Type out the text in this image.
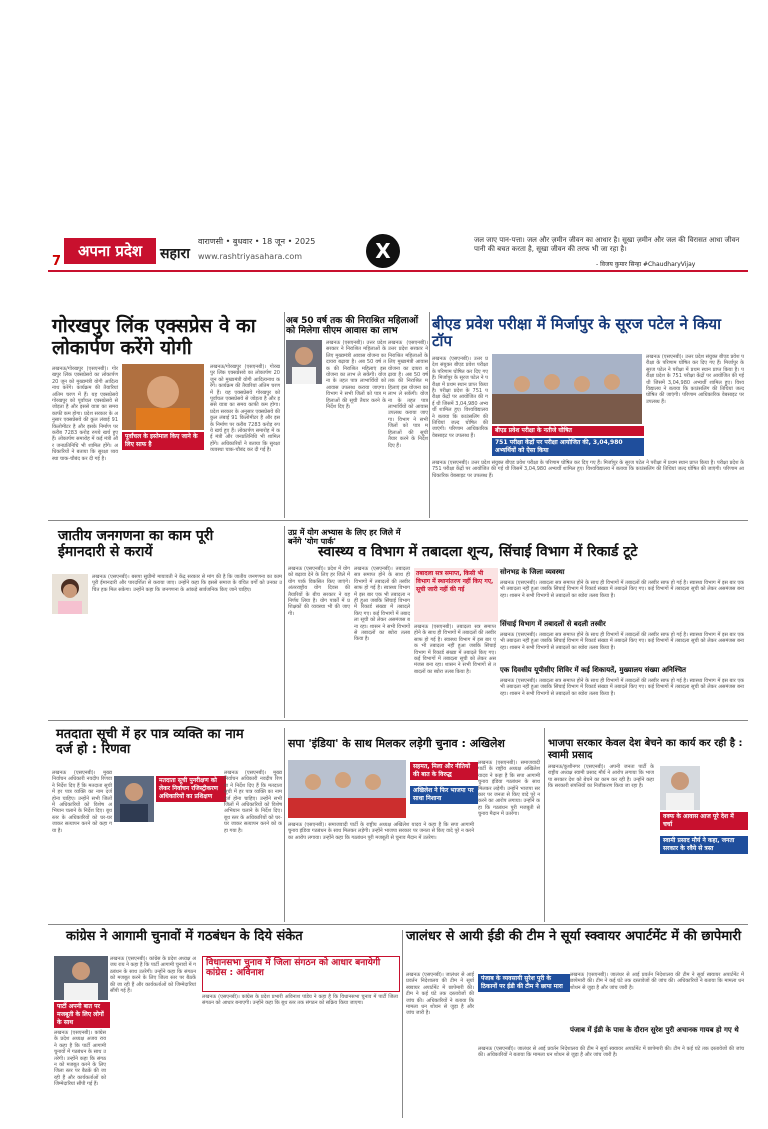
अपना प्रदेश
7	सहारा
वाराणसी • बुधवार • 18 जून • 2025
www.rashtriyasahara.com	X	जल जाए पान-पत्ता। जल और ज़मीन जीवन का आधार है। सूखा ज़मीन और जल की विरासत आधा जीवन पानी की बचत करता है, सूखा जीवन की तरफ भी जा रहा है।
- विजय कुमार सिन्हा #ChaudharyVijay
गोरखपुर लिंक एक्सप्रेस वे का लोकार्पण करेंगे योगी
लखनऊ/गोरखपुर (एसएनबी)। गोरखपुर लिंक एक्सप्रेसवे का लोकार्पण 20 जून को मुख्यमंत्री योगी आदित्यनाथ करेंगे। कार्यक्रम की तैयारियां अंतिम चरण में हैं। यह एक्सप्रेसवे गोरखपुर को पूर्वांचल एक्सप्रेसवे से जोड़ता है और इससे यात्रा का समय काफी कम होगा। प्रदेश सरकार के अनुसार एक्सप्रेसवे की कुल लंबाई 91 किलोमीटर है और इसके निर्माण पर करीब 7283 करोड़ रुपये खर्च हुए हैं। लोकार्पण समारोह में कई मंत्री और जनप्रतिनिधि भी शामिल होंगे। अधिकारियों ने बताया कि सुरक्षा व्यवस्था चाक-चौबंद कर दी गई है।
पूर्वांचल के इस्तेमाल किए जाने के लिए साफ है
लखनऊ/गोरखपुर (एसएनबी)। गोरखपुर लिंक एक्सप्रेसवे का लोकार्पण 20 जून को मुख्यमंत्री योगी आदित्यनाथ करेंगे। कार्यक्रम की तैयारियां अंतिम चरण में हैं। यह एक्सप्रेसवे गोरखपुर को पूर्वांचल एक्सप्रेसवे से जोड़ता है और इससे यात्रा का समय काफी कम होगा। प्रदेश सरकार के अनुसार एक्सप्रेसवे की कुल लंबाई 91 किलोमीटर है और इसके निर्माण पर करीब 7283 करोड़ रुपये खर्च हुए हैं। लोकार्पण समारोह में कई मंत्री और जनप्रतिनिधि भी शामिल होंगे। अधिकारियों ने बताया कि सुरक्षा व्यवस्था चाक-चौबंद कर दी गई है।
अब 50 वर्ष तक की निराश्रित महिलाओं को मिलेगा सीएम आवास का लाभ
लखनऊ (एसएनबी)। उत्तर प्रदेश सरकार ने निराश्रित महिलाओं के लिए मुख्यमंत्री आवास योजना का दायरा बढ़ाया है। अब 50 वर्ष तक की निराश्रित महिलाएं इस योजना का लाभ ले सकेंगी। योजना के तहत पात्र लाभार्थियों को आवास उपलब्ध कराया जाएगा। विभाग ने सभी जिलों को पात्र महिलाओं की सूची तैयार करने के निर्देश दिए हैं।
लखनऊ (एसएनबी)। उत्तर प्रदेश सरकार ने निराश्रित महिलाओं के लिए मुख्यमंत्री आवास योजना का दायरा बढ़ाया है। अब 50 वर्ष तक की निराश्रित महिलाएं इस योजना का लाभ ले सकेंगी। योजना के तहत पात्र लाभार्थियों को आवास उपलब्ध कराया जाएगा। विभाग ने सभी जिलों को पात्र महिलाओं की सूची तैयार करने के निर्देश दिए हैं।
बीएड प्रवेश परीक्षा में मिर्जापुर के सूरज पटेल ने किया टॉप
लखनऊ (एसएनबी)। उत्तर प्रदेश संयुक्त बीएड प्रवेश परीक्षा के परिणाम घोषित कर दिए गए हैं। मिर्जापुर के सूरज पटेल ने परीक्षा में प्रथम स्थान प्राप्त किया है। परीक्षा प्रदेश के 751 परीक्षा केंद्रों पर आयोजित की गई थी जिसमें 3,04,980 अभ्यर्थी शामिल हुए। विश्वविद्यालय ने बताया कि काउंसलिंग की तिथियां जल्द घोषित की जाएंगी। परिणाम आधिकारिक वेबसाइट पर उपलब्ध हैं।
लखनऊ (एसएनबी)। उत्तर प्रदेश संयुक्त बीएड प्रवेश परीक्षा के परिणाम घोषित कर दिए गए हैं। मिर्जापुर के सूरज पटेल ने परीक्षा में प्रथम स्थान प्राप्त किया है। परीक्षा प्रदेश के 751 परीक्षा केंद्रों पर आयोजित की गई थी जिसमें 3,04,980 अभ्यर्थी शामिल हुए। विश्वविद्यालय ने बताया कि काउंसलिंग की तिथियां जल्द घोषित की जाएंगी। परिणाम आधिकारिक वेबसाइट पर उपलब्ध हैं।
बीएड प्रवेश परीक्षा के नतीजे घोषित
751 परीक्षा केंद्रों पर परीक्षा आयोजित की, 3,04,980 अभ्यर्थियों को ऐसा किया
लखनऊ (एसएनबी)। उत्तर प्रदेश संयुक्त बीएड प्रवेश परीक्षा के परिणाम घोषित कर दिए गए हैं। मिर्जापुर के सूरज पटेल ने परीक्षा में प्रथम स्थान प्राप्त किया है। परीक्षा प्रदेश के 751 परीक्षा केंद्रों पर आयोजित की गई थी जिसमें 3,04,980 अभ्यर्थी शामिल हुए। विश्वविद्यालय ने बताया कि काउंसलिंग की तिथियां जल्द घोषित की जाएंगी। परिणाम आधिकारिक वेबसाइट पर उपलब्ध हैं।
जातीय जनगणना का काम पूरी ईमानदारी से करायें
लखनऊ (एसएनबी)। बसपा सुप्रीमो मायावती ने केंद्र सरकार से मांग की है कि जातीय जनगणना का काम पूरी ईमानदारी और पारदर्शिता से कराया जाए। उन्होंने कहा कि इससे समाज के वंचित वर्गों को उनका उचित हक मिल सकेगा। उन्होंने कहा कि जनगणना के आंकड़े सार्वजनिक किए जाने चाहिए।
उप्र में योग अभ्यास के लिए हर जिले में बनेंगे 'योग पार्क'
स्वास्थ्य व विभाग में तबादला शून्य, सिंचाई विभाग में रिकार्ड टूटे
लखनऊ (एसएनबी)। प्रदेश में योग को बढ़ावा देने के लिए हर जिले में योग पार्क विकसित किए जाएंगे। अंतरराष्ट्रीय योग दिवस की तैयारियों के बीच सरकार ने यह निर्णय लिया है। योग पार्कों में प्रशिक्षकों की व्यवस्था भी की जाएगी।
लखनऊ (एसएनबी)। तबादला सत्र समाप्त होने के साथ ही विभागों में तबादलों की तस्वीर साफ हो गई है। स्वास्थ्य विभाग में इस बार एक भी तबादला नहीं हुआ जबकि सिंचाई विभाग में रिकार्ड संख्या में तबादले किए गए। कई विभागों में तबादला सूची को लेकर असमंजस बना रहा। शासन ने सभी विभागों से तबादलों का ब्योरा तलब किया है।
तबादला सत्र समाप्त, किसी भी विभाग में स्थानांतरण नहीं किए गए, सूची जारी नहीं की गई
लखनऊ (एसएनबी)। तबादला सत्र समाप्त होने के साथ ही विभागों में तबादलों की तस्वीर साफ हो गई है। स्वास्थ्य विभाग में इस बार एक भी तबादला नहीं हुआ जबकि सिंचाई विभाग में रिकार्ड संख्या में तबादले किए गए। कई विभागों में तबादला सूची को लेकर असमंजस बना रहा। शासन ने सभी विभागों से तबादलों का ब्योरा तलब किया है।
सोनभद्र के जिला व्यवस्था
लखनऊ (एसएनबी)। तबादला सत्र समाप्त होने के साथ ही विभागों में तबादलों की तस्वीर साफ हो गई है। स्वास्थ्य विभाग में इस बार एक भी तबादला नहीं हुआ जबकि सिंचाई विभाग में रिकार्ड संख्या में तबादले किए गए। कई विभागों में तबादला सूची को लेकर असमंजस बना रहा। शासन ने सभी विभागों से तबादलों का ब्योरा तलब किया है।
सिंचाई विभाग में तबादलों से बदली तस्वीर
लखनऊ (एसएनबी)। तबादला सत्र समाप्त होने के साथ ही विभागों में तबादलों की तस्वीर साफ हो गई है। स्वास्थ्य विभाग में इस बार एक भी तबादला नहीं हुआ जबकि सिंचाई विभाग में रिकार्ड संख्या में तबादले किए गए। कई विभागों में तबादला सूची को लेकर असमंजस बना रहा। शासन ने सभी विभागों से तबादलों का ब्योरा तलब किया है।
एक दिवसीय यूपीसीए शिविर में कई शिकायतें, मुख्यालय संख्या अनिश्चित
लखनऊ (एसएनबी)। तबादला सत्र समाप्त होने के साथ ही विभागों में तबादलों की तस्वीर साफ हो गई है। स्वास्थ्य विभाग में इस बार एक भी तबादला नहीं हुआ जबकि सिंचाई विभाग में रिकार्ड संख्या में तबादले किए गए। कई विभागों में तबादला सूची को लेकर असमंजस बना रहा। शासन ने सभी विभागों से तबादलों का ब्योरा तलब किया है।
मतदाता सूची में हर पात्र व्यक्ति का नाम दर्ज हो : रिणवा
लखनऊ (एसएनबी)। मुख्य निर्वाचन अधिकारी नवदीप रिणवा ने निर्देश दिए हैं कि मतदाता सूची में हर पात्र व्यक्ति का नाम दर्ज होना चाहिए। उन्होंने सभी जिलों में अधिकारियों को विशेष अभियान चलाने के निर्देश दिए। बूथ स्तर के अधिकारियों को घर-घर जाकर सत्यापन करने को कहा गया है।
मतदाता सूची पुनरीक्षण को लेकर निर्वाचन रजिस्ट्रीकरण अधिकारियों का प्रशिक्षण
लखनऊ (एसएनबी)। मुख्य निर्वाचन अधिकारी नवदीप रिणवा ने निर्देश दिए हैं कि मतदाता सूची में हर पात्र व्यक्ति का नाम दर्ज होना चाहिए। उन्होंने सभी जिलों में अधिकारियों को विशेष अभियान चलाने के निर्देश दिए। बूथ स्तर के अधिकारियों को घर-घर जाकर सत्यापन करने को कहा गया है।
सपा 'इंडिया' के साथ मिलकर लड़ेगी चुनाव : अखिलेश
सहमत, मिला और नीतियों की बात के विरुद्ध
अखिलेश ने फिर भाजपा पर साधा निशाना
लखनऊ (एसएनबी)। समाजवादी पार्टी के राष्ट्रीय अध्यक्ष अखिलेश यादव ने कहा है कि सपा आगामी चुनाव इंडिया गठबंधन के साथ मिलकर लड़ेगी। उन्होंने भाजपा सरकार पर जनता से किए वादे पूरे न करने का आरोप लगाया। उन्होंने कहा कि गठबंधन पूरी मजबूती से चुनाव मैदान में उतरेगा।
लखनऊ (एसएनबी)। समाजवादी पार्टी के राष्ट्रीय अध्यक्ष अखिलेश यादव ने कहा है कि सपा आगामी चुनाव इंडिया गठबंधन के साथ मिलकर लड़ेगी। उन्होंने भाजपा सरकार पर जनता से किए वादे पूरे न करने का आरोप लगाया। उन्होंने कहा कि गठबंधन पूरी मजबूती से चुनाव मैदान में उतरेगा।
भाजपा सरकार केवल देश बेचने का कार्य कर रही है : स्वामी प्रसाद
लखनऊ/कुशीनगर (एसएनबी)। अपनी जनता पार्टी के राष्ट्रीय अध्यक्ष स्वामी प्रसाद मौर्य ने आरोप लगाया कि भाजपा सरकार देश को बेचने का काम कर रही है। उन्होंने कहा कि सरकारी संपत्तियों का निजीकरण किया जा रहा है।
वक्फ के आवास आज पूरे देश में चर्चा
स्वामी प्रसाद मौर्य ने कहा, जनता सरकार के रवैये से त्रस्त
कांग्रेस ने आगामी चुनावों में गठबंधन के दिये संकेत
पार्टी अपनी बात पर मजबूती के लिए लोगों के साथ
लखनऊ (एसएनबी)। कांग्रेस के प्रदेश अध्यक्ष अजय राय ने कहा है कि पार्टी आगामी चुनावों में गठबंधन के साथ उतरेगी। उन्होंने कहा कि संगठन को मजबूत करने के लिए जिला स्तर पर बैठकें की जा रही हैं और कार्यकर्ताओं को जिम्मेदारियां सौंपी गई हैं।
लखनऊ (एसएनबी)। कांग्रेस के प्रदेश अध्यक्ष अजय राय ने कहा है कि पार्टी आगामी चुनावों में गठबंधन के साथ उतरेगी। उन्होंने कहा कि संगठन को मजबूत करने के लिए जिला स्तर पर बैठकें की जा रही हैं और कार्यकर्ताओं को जिम्मेदारियां सौंपी गई हैं।
विधानसभा चुनाव में जिला संगठन को आधार बनायेगी कांग्रेस : अविनाश
लखनऊ (एसएनबी)। कांग्रेस के प्रदेश प्रभारी अविनाश पांडेय ने कहा है कि विधानसभा चुनाव में पार्टी जिला संगठन को आधार बनाएगी। उन्होंने कहा कि बूथ स्तर तक संगठन को सक्रिय किया जाएगा।
जालंधर से आयी ईडी की टीम ने सूर्या स्क्वायर अपार्टमेंट में की छापेमारी
लखनऊ (एसएनबी)। जालंधर से आई प्रवर्तन निदेशालय की टीम ने सूर्या स्क्वायर अपार्टमेंट में छापेमारी की। टीम ने कई घंटे तक दस्तावेजों की जांच की। अधिकारियों ने बताया कि मामला धन शोधन से जुड़ा है और जांच जारी है।
पंजाब के व्यवसायी सुरेश पुरी के ठिकानों पर ईडी की टीम ने छापा मारा
लखनऊ (एसएनबी)। जालंधर से आई प्रवर्तन निदेशालय की टीम ने सूर्या स्क्वायर अपार्टमेंट में छापेमारी की। टीम ने कई घंटे तक दस्तावेजों की जांच की। अधिकारियों ने बताया कि मामला धन शोधन से जुड़ा है और जांच जारी है।
पंजाब में ईडी के पास के दौरान सुरेश पुरी अचानक गायब हो गए थे
लखनऊ (एसएनबी)। जालंधर से आई प्रवर्तन निदेशालय की टीम ने सूर्या स्क्वायर अपार्टमेंट में छापेमारी की। टीम ने कई घंटे तक दस्तावेजों की जांच की। अधिकारियों ने बताया कि मामला धन शोधन से जुड़ा है और जांच जारी है।
